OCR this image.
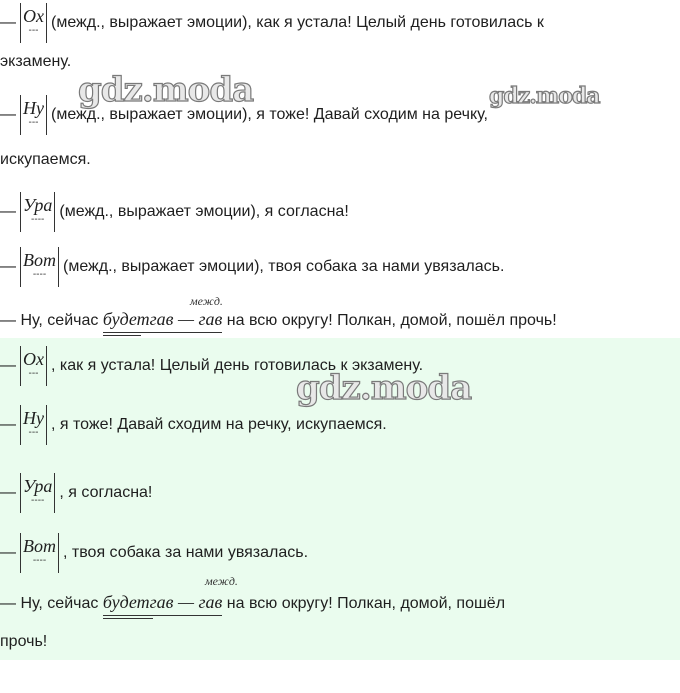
— Ох
--- (межд., выражает эмоции), как я устала! Целый день готовилась к
экзамену.
— Ну
--- (межд., выражает эмоции), я тоже! Давай сходим на речку,
искупаемся.
— Ура
---- (межд., выражает эмоции), я согласна!
— Вот
----	(межд., выражает эмоции), твоя собака за нами увязалась.
межд.
— Ну, сейчас будетгав — гав на всю округу! Полкан, домой, пошёл прочь!
gdz.moda	gdz.moda
— Ох
--- , как я устала! Целый день готовилась к экзамену.
— Ну
--- , я тоже! Давай сходим на речку, искупаемся.
— Ура
---- , я согласна!
— Вот
----	, твоя собака за нами увязалась.
межд.
— Ну, сейчас будетгав — гав на всю округу! Полкан, домой, пошёл
прочь!
gdz.moda
